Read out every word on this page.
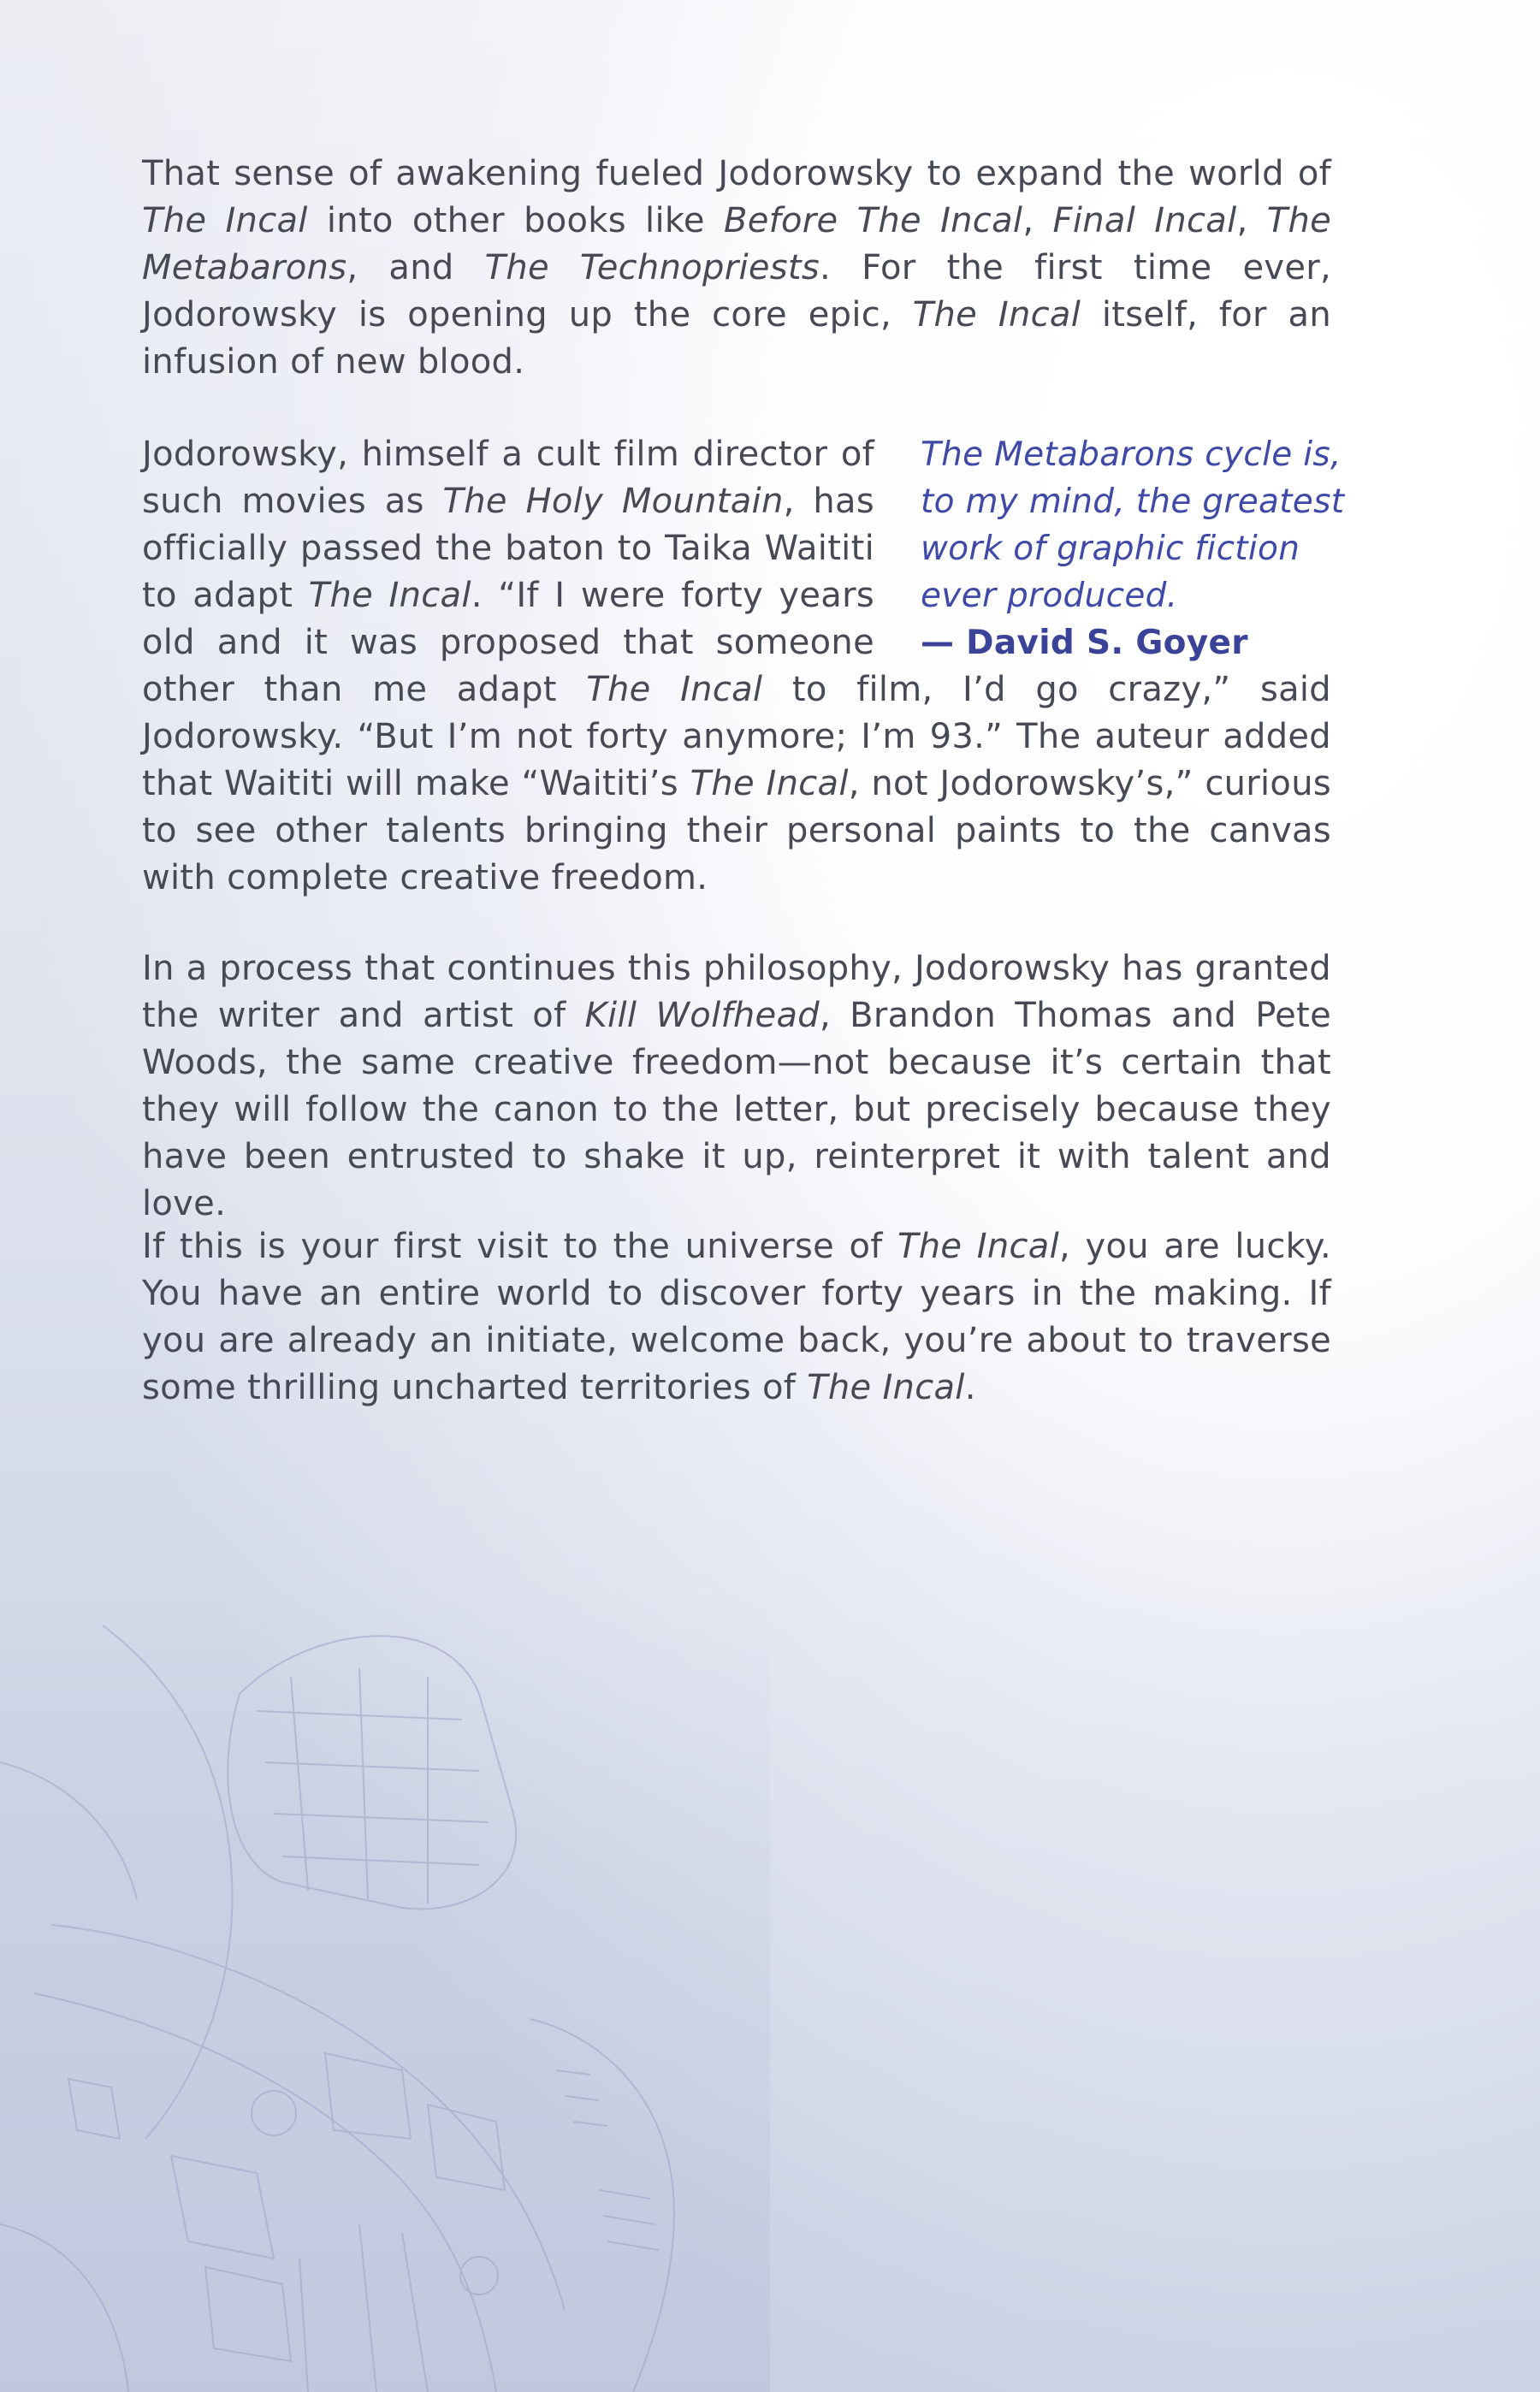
That sense of awakening fueled Jodorowsky to expand the world of The Incal into other books like Before The Incal, Final Incal, The Metabarons, and The Technopriests. For the first time ever, Jodorowsky is opening up the core epic, The Incal itself, for an infusion of new blood.

The Metabarons cycle is, to my mind, the greatest work of graphic fiction ever produced.
— David S. Goyer
Jodorowsky, himself a cult film director of such movies as The Holy Mountain, has officially passed the baton to Taika Waititi to adapt The Incal. “If I were forty years old and it was proposed that someone other than me adapt The Incal to film, I’d go crazy,” said Jodorowsky. “But I’m not forty anymore; I’m 93.” The auteur added that Waititi will make “Waititi’s The Incal, not Jodorowsky’s,” curious to see other talents bringing their personal paints to the canvas with complete creative freedom.

In a process that continues this philosophy, Jodorowsky has granted the writer and artist of Kill Wolfhead, Brandon Thomas and Pete Woods, the same creative freedom—not because it’s certain that they will follow the canon to the letter, but precisely because they have been entrusted to shake it up, reinterpret it with talent and love.

If this is your first visit to the universe of The Incal, you are lucky. You have an entire world to discover forty years in the making. If you are already an initiate, welcome back, you’re about to traverse some thrilling uncharted territories of The Incal.
